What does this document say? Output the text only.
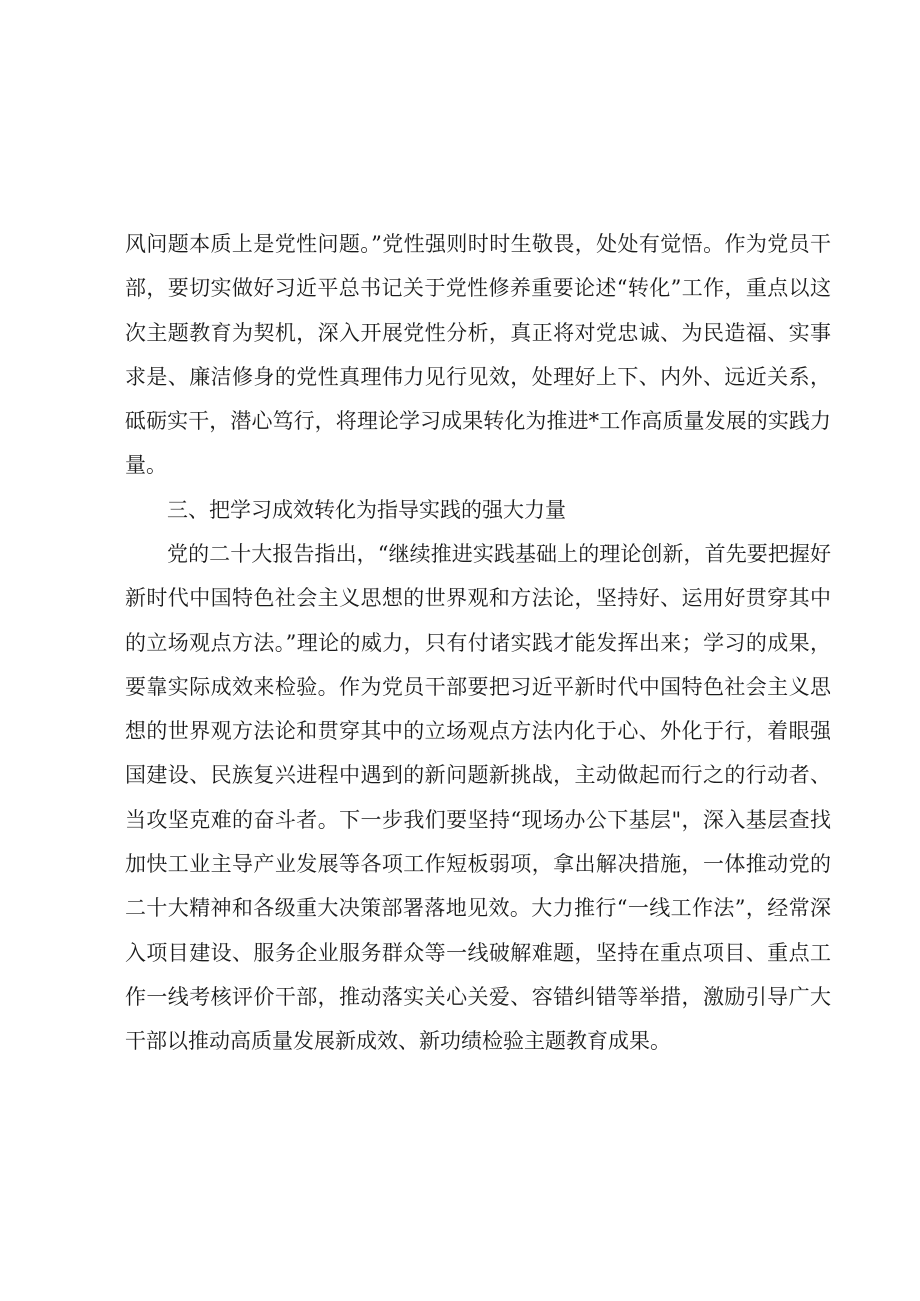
风问题本质上是党性问题。”党性强则时时生敬畏，处处有觉悟。作为党员干部，要切实做好习近平总书记关于党性修养重要论述“转化”工作，重点以这次主题教育为契机，深入开展党性分析，真正将对党忠诚、为民造福、实事求是、廉洁修身的党性真理伟力见行见效，处理好上下、内外、远近关系，砥砺实干，潜心笃行，将理论学习成果转化为推进*工作高质量发展的实践力量。

三、把学习成效转化为指导实践的强大力量

党的二十大报告指出，“继续推进实践基础上的理论创新，首先要把握好新时代中国特色社会主义思想的世界观和方法论，坚持好、运用好贯穿其中的立场观点方法。”理论的威力，只有付诸实践才能发挥出来；学习的成果，要靠实际成效来检验。作为党员干部要把习近平新时代中国特色社会主义思想的世界观方法论和贯穿其中的立场观点方法内化于心、外化于行，着眼强国建设、民族复兴进程中遇到的新问题新挑战，主动做起而行之的行动者、当攻坚克难的奋斗者。下一步我们要坚持“现场办公下基层"，深入基层查找加快工业主导产业发展等各项工作短板弱项，拿出解决措施，一体推动党的二十大精神和各级重大决策部署落地见效。大力推行“一线工作法”，经常深入项目建设、服务企业服务群众等一线破解难题，坚持在重点项目、重点工作一线考核评价干部，推动落实关心关爱、容错纠错等举措，激励引导广大干部以推动高质量发展新成效、新功绩检验主题教育成果。
